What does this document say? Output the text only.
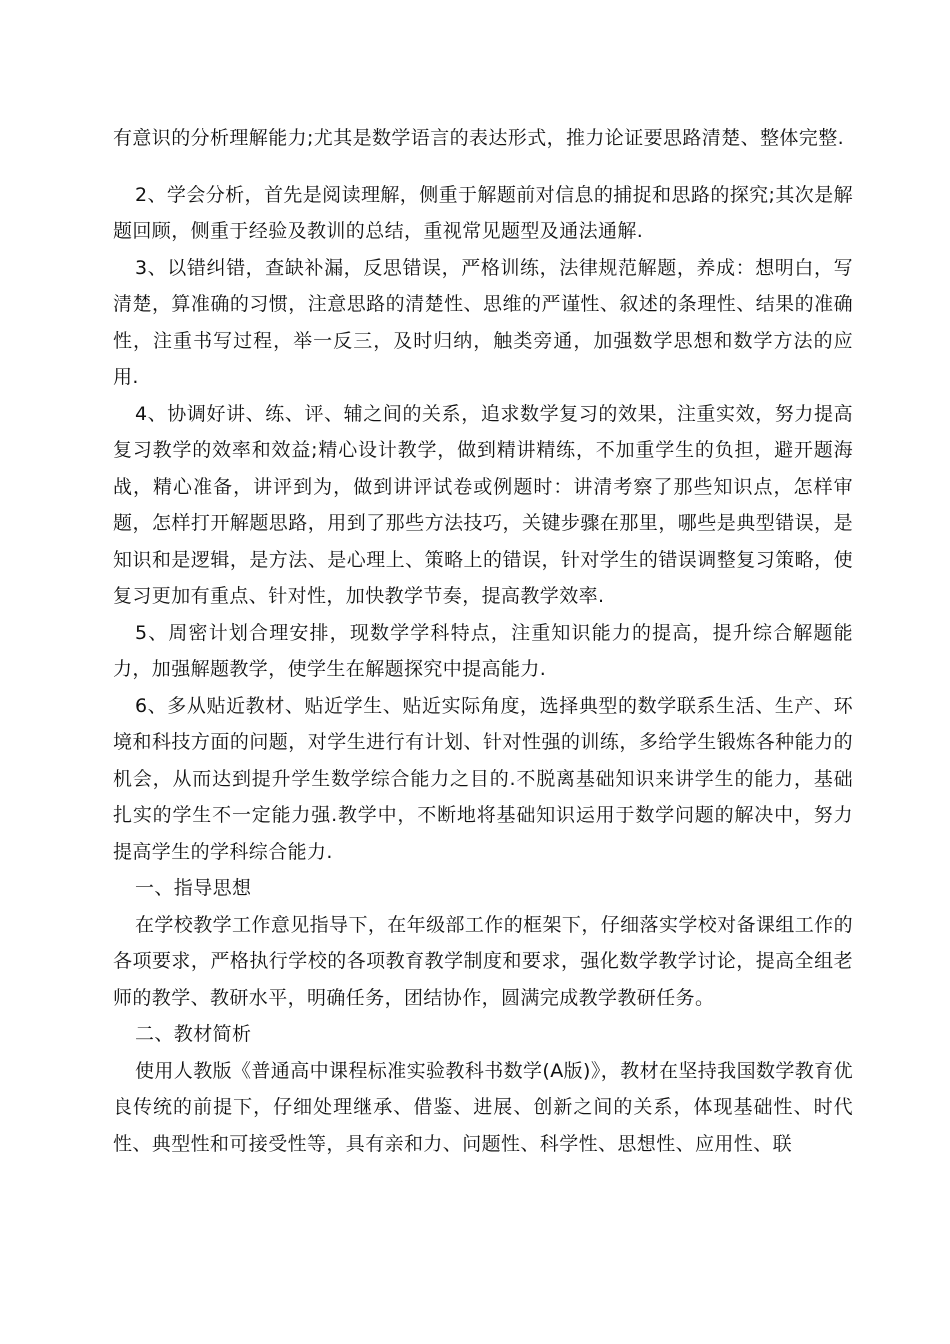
有意识的分析理解能力;尤其是数学语言的表达形式，推力论证要思路清楚、整体完整.

2、学会分析，首先是阅读理解，侧重于解题前对信息的捕捉和思路的探究;其次是解题回顾，侧重于经验及教训的总结，重视常见题型及通法通解.

3、以错纠错，查缺补漏，反思错误，严格训练，法律规范解题，养成：想明白，写清楚，算准确的习惯，注意思路的清楚性、思维的严谨性、叙述的条理性、结果的准确性，注重书写过程，举一反三，及时归纳，触类旁通，加强数学思想和数学方法的应用.

4、协调好讲、练、评、辅之间的关系，追求数学复习的效果，注重实效，努力提高复习教学的效率和效益;精心设计教学，做到精讲精练，不加重学生的负担，避开题海战，精心准备，讲评到为，做到讲评试卷或例题时：讲清考察了那些知识点，怎样审题，怎样打开解题思路，用到了那些方法技巧，关键步骤在那里，哪些是典型错误，是知识和是逻辑，是方法、是心理上、策略上的错误，针对学生的错误调整复习策略，使复习更加有重点、针对性，加快教学节奏，提高教学效率.

5、周密计划合理安排，现数学学科特点，注重知识能力的提高，提升综合解题能力，加强解题教学，使学生在解题探究中提高能力.

6、多从贴近教材、贴近学生、贴近实际角度，选择典型的数学联系生活、生产、环境和科技方面的问题，对学生进行有计划、针对性强的训练，多给学生锻炼各种能力的机会，从而达到提升学生数学综合能力之目的.不脱离基础知识来讲学生的能力，基础扎实的学生不一定能力强.教学中，不断地将基础知识运用于数学问题的解决中，努力提高学生的学科综合能力.

一、指导思想

在学校教学工作意见指导下，在年级部工作的框架下，仔细落实学校对备课组工作的各项要求，严格执行学校的各项教育教学制度和要求，强化数学教学讨论，提高全组老师的教学、教研水平，明确任务，团结协作，圆满完成教学教研任务。

二、教材简析

使用人教版《普通高中课程标准实验教科书数学(A版)》，教材在坚持我国数学教育优良传统的前提下，仔细处理继承、借鉴、进展、创新之间的关系，体现基础性、时代性、典型性和可接受性等，具有亲和力、问题性、科学性、思想性、应用性、联
